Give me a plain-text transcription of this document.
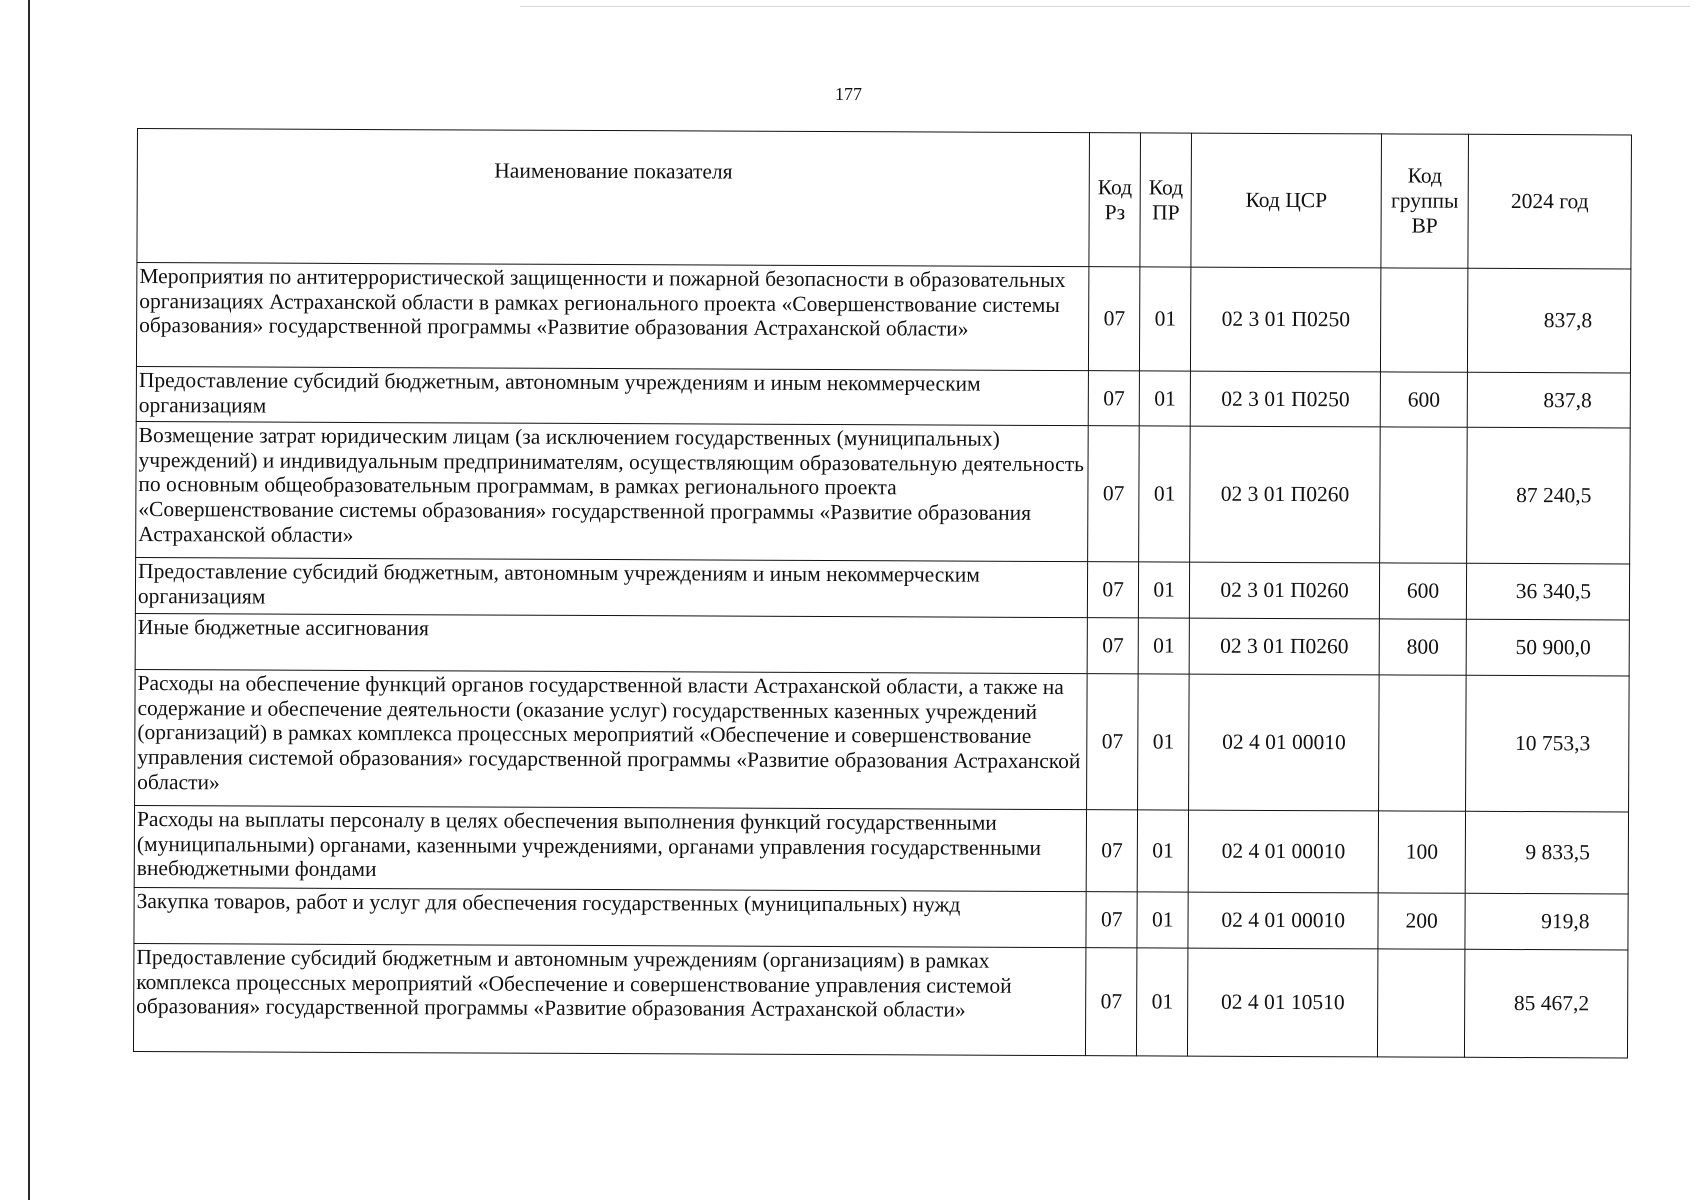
177
Наименование показателя	Код Рз	Код ПР	Код ЦСР	Код группы ВР	2024 год
Мероприятия по антитеррористической защищенности и пожарной безопасности в образовательных организациях Астраханской области в рамках регионального проекта «Совершенствование системы образования» государственной программы «Развитие образования Астраханской области»	07	01	02 3 01 П0250		837,8
Предоставление субсидий бюджетным, автономным учреждениям и иным некоммерческим организациям	07	01	02 3 01 П0250	600	837,8
Возмещение затрат юридическим лицам (за исключением государственных (муниципальных) учреждений) и индивидуальным предпринимателям, осуществляющим образовательную деятельность по основным общеобразовательным программам, в рамках регионального проекта «Совершенствование системы образования» государственной программы «Развитие образования Астраханской области»	07	01	02 3 01 П0260		87 240,5
Предоставление субсидий бюджетным, автономным учреждениям и иным некоммерческим организациям	07	01	02 3 01 П0260	600	36 340,5
Иные бюджетные ассигнования	07	01	02 3 01 П0260	800	50 900,0
Расходы на обеспечение функций органов государственной власти Астраханской области, а также на содержание и обеспечение деятельности (оказание услуг) государственных казенных учреждений (организаций) в рамках комплекса процессных мероприятий «Обеспечение и совершенствование управления системой образования» государственной программы «Развитие образования Астраханской области»	07	01	02 4 01 00010		10 753,3
Расходы на выплаты персоналу в целях обеспечения выполнения функций государственными (муниципальными) органами, казенными учреждениями, органами управления государственными внебюджетными фондами	07	01	02 4 01 00010	100	9 833,5
Закупка товаров, работ и услуг для обеспечения государственных (муниципальных) нужд	07	01	02 4 01 00010	200	919,8
Предоставление субсидий бюджетным и автономным учреждениям (организациям) в рамках комплекса процессных мероприятий «Обеспечение и совершенствование управления системой образования» государственной программы «Развитие образования Астраханской области»	07	01	02 4 01 10510		85 467,2
